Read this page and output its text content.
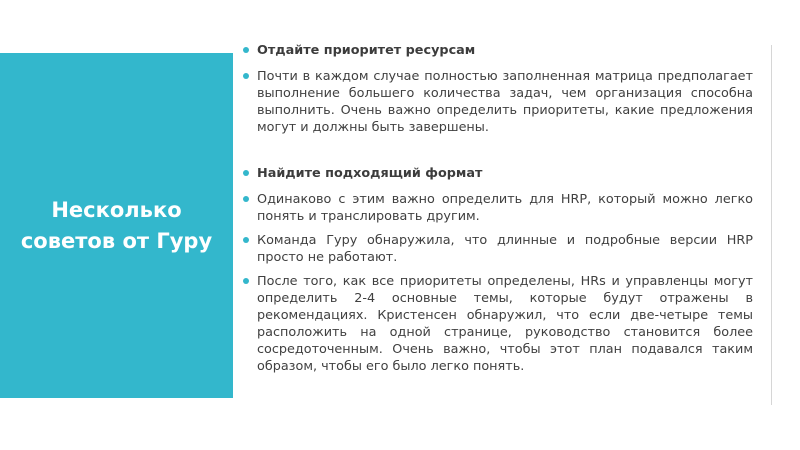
Несколько советов от Гуру
Отдайте приоритет ресурсам
Почти в каждом случае полностью заполненная матрица предполагает выполнение большего количества задач, чем организация способна выполнить. Очень важно определить приоритеты, какие предложения могут и должны быть завершены.
Найдите подходящий формат
Одинаково с этим важно определить для HRP, который можно легко понять и транслировать другим.
Команда Гуру обнаружила, что длинные и подробные версии HRP просто не работают.
После того, как все приоритеты определены, HRs и управленцы могут определить 2-4 основные темы, которые будут отражены в рекомендациях. Кристенсен обнаружил, что если две-четыре темы расположить на одной странице, руководство становится более сосредоточенным. Очень важно, чтобы этот план подавался таким образом, чтобы его было легко понять.
